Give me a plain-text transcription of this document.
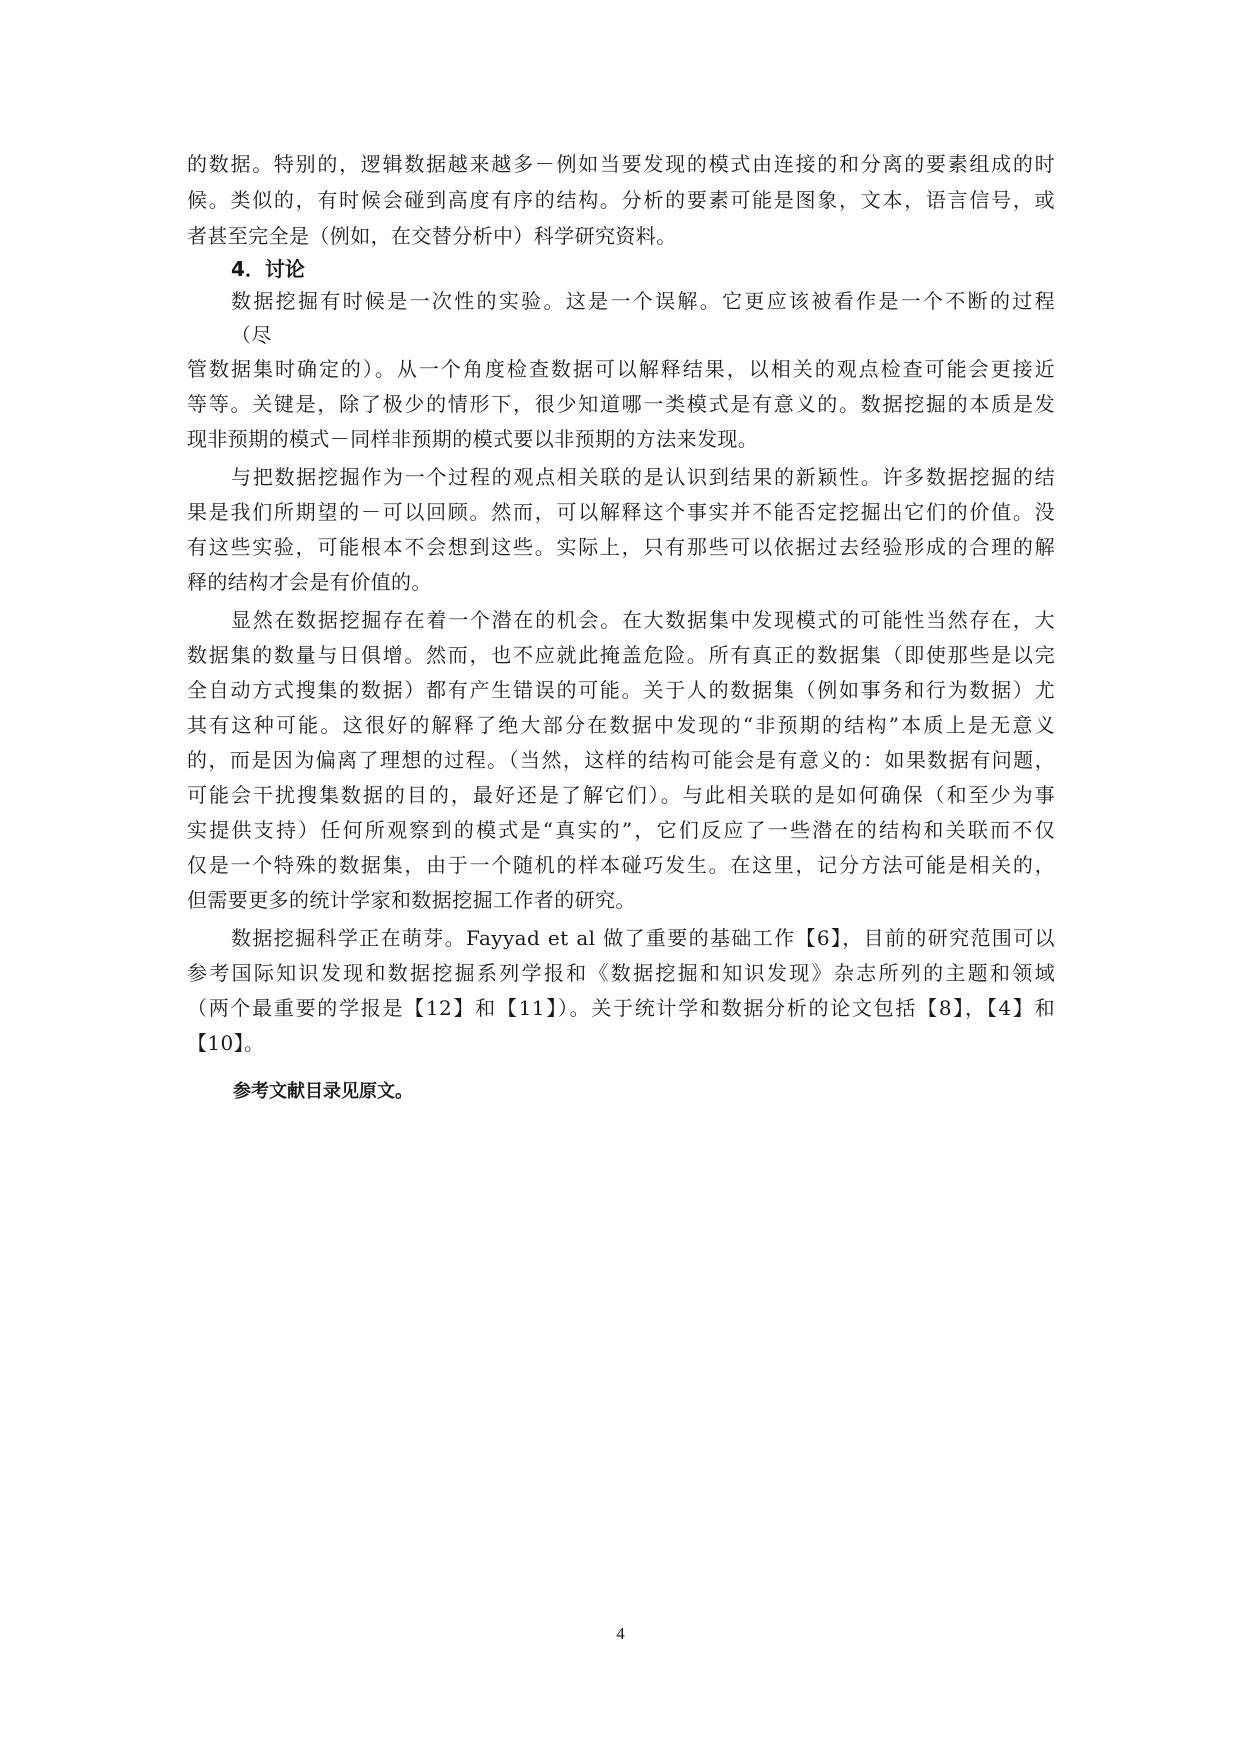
的数据。特别的，逻辑数据越来越多－例如当要发现的模式由连接的和分离的要素组成的时
候。类似的，有时候会碰到高度有序的结构。分析的要素可能是图象，文本，语言信号，或
者甚至完全是（例如，在交替分析中）科学研究资料。
4．讨论
数据挖掘有时候是一次性的实验。这是一个误解。它更应该被看作是一个不断的过程
（尽
管数据集时确定的）。从一个角度检查数据可以解释结果，以相关的观点检查可能会更接近
等等。关键是，除了极少的情形下，很少知道哪一类模式是有意义的。数据挖掘的本质是发
现非预期的模式－同样非预期的模式要以非预期的方法来发现。
与把数据挖掘作为一个过程的观点相关联的是认识到结果的新颖性。许多数据挖掘的结
果是我们所期望的－可以回顾。然而，可以解释这个事实并不能否定挖掘出它们的价值。没
有这些实验，可能根本不会想到这些。实际上，只有那些可以依据过去经验形成的合理的解
释的结构才会是有价值的。
显然在数据挖掘存在着一个潜在的机会。在大数据集中发现模式的可能性当然存在，大
数据集的数量与日俱增。然而，也不应就此掩盖危险。所有真正的数据集（即使那些是以完
全自动方式搜集的数据）都有产生错误的可能。关于人的数据集（例如事务和行为数据）尤
其有这种可能。这很好的解释了绝大部分在数据中发现的“非预期的结构”本质上是无意义
的，而是因为偏离了理想的过程。（当然，这样的结构可能会是有意义的：如果数据有问题，
可能会干扰搜集数据的目的，最好还是了解它们）。与此相关联的是如何确保（和至少为事
实提供支持）任何所观察到的模式是“真实的”，它们反应了一些潜在的结构和关联而不仅
仅是一个特殊的数据集，由于一个随机的样本碰巧发生。在这里，记分方法可能是相关的，
但需要更多的统计学家和数据挖掘工作者的研究。
数据挖掘科学正在萌芽。Fayyad et al 做了重要的基础工作【6】，目前的研究范围可以
参考国际知识发现和数据挖掘系列学报和《数据挖掘和知识发现》杂志所列的主题和领域
（两个最重要的学报是【12】和【11】）。关于统计学和数据分析的论文包括【8】，【4】和
【10】。
参考文献目录见原文。
4
